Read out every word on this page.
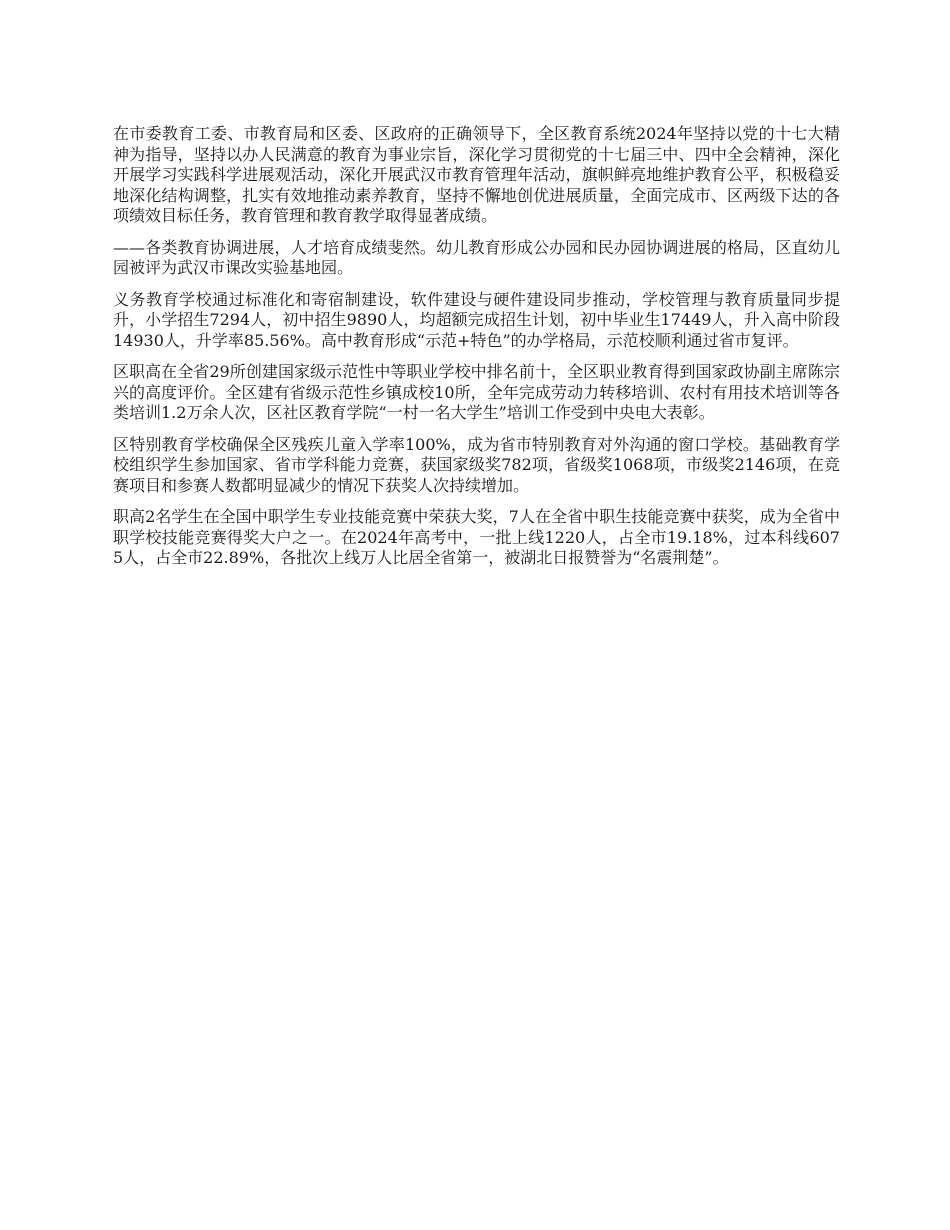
在市委教育工委、市教育局和区委、区政府的正确领导下，全区教育系统2024年坚持以党的十七大精神为指导，坚持以办人民满意的教育为事业宗旨，深化学习贯彻党的十七届三中、四中全会精神，深化开展学习实践科学进展观活动，深化开展武汉市教育管理年活动，旗帜鲜亮地维护教育公平，积极稳妥地深化结构调整，扎实有效地推动素养教育，坚持不懈地创优进展质量，全面完成市、区两级下达的各项绩效目标任务，教育管理和教育教学取得显著成绩。

——各类教育协调进展，人才培育成绩斐然。幼儿教育形成公办园和民办园协调进展的格局，区直幼儿园被评为武汉市课改实验基地园。

义务教育学校通过标准化和寄宿制建设，软件建设与硬件建设同步推动，学校管理与教育质量同步提升，小学招生7294人，初中招生9890人，均超额完成招生计划，初中毕业生17449人，升入高中阶段14930人，升学率85.56%。高中教育形成“示范+特色”的办学格局，示范校顺利通过省市复评。

区职高在全省29所创建国家级示范性中等职业学校中排名前十，全区职业教育得到国家政协副主席陈宗兴的高度评价。全区建有省级示范性乡镇成校10所，全年完成劳动力转移培训、农村有用技术培训等各类培训1.2万余人次，区社区教育学院“一村一名大学生”培训工作受到中央电大表彰。

区特别教育学校确保全区残疾儿童入学率100%，成为省市特别教育对外沟通的窗口学校。基础教育学校组织学生参加国家、省市学科能力竞赛，获国家级奖782项，省级奖1068项，市级奖2146项，在竞赛项目和参赛人数都明显减少的情况下获奖人次持续增加。

职高2名学生在全国中职学生专业技能竞赛中荣获大奖，7人在全省中职生技能竞赛中获奖，成为全省中职学校技能竞赛得奖大户之一。在2024年高考中，一批上线1220人，占全市19.18%，过本科线6075人，占全市22.89%，各批次上线万人比居全省第一，被湖北日报赞誉为“名震荆楚”。
